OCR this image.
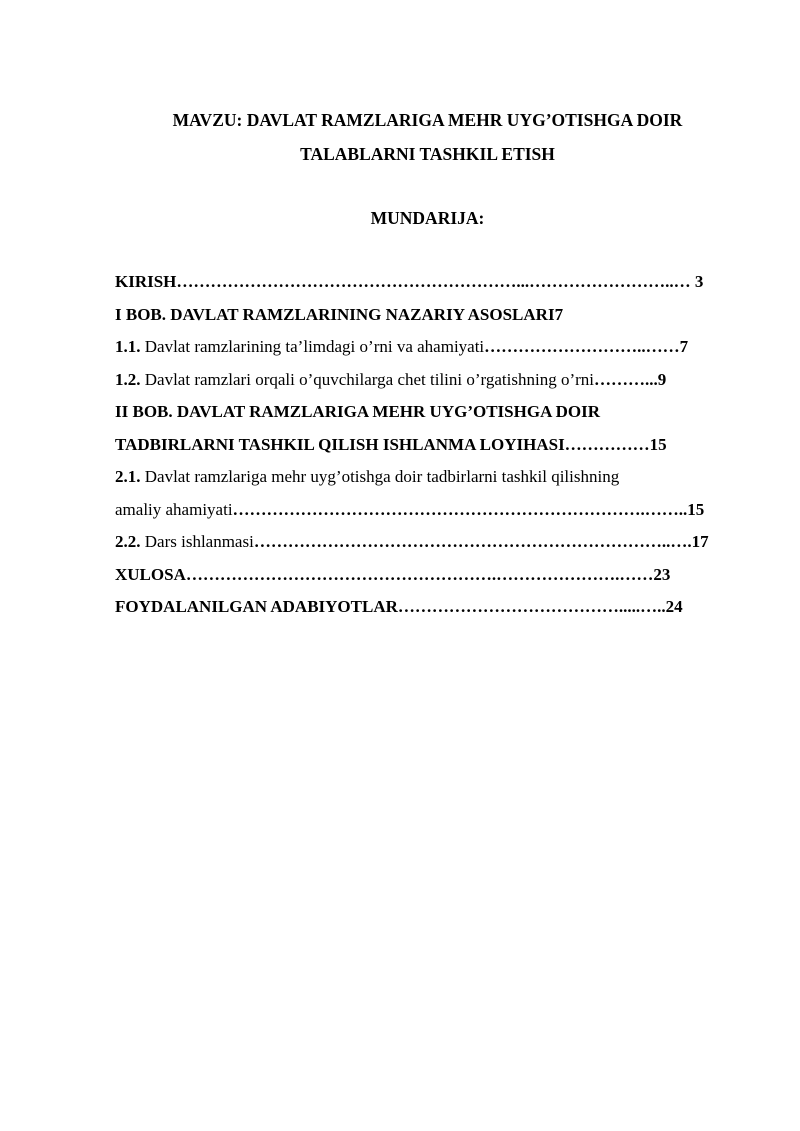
MAVZU: DAVLAT RAMZLARIGA MEHR UYG’OTISHGA DOIR

TALABLARNI TASHKIL ETISH

MUNDARIJA:

KIRISH……………………………………………………...……………………..… 3
I BOB. DAVLAT RAMZLARINING NAZARIY ASOSLARI7
1.1. Davlat ramzlarining ta’limdagi o’rni va ahamiyati………………………..……7
1.2. Davlat ramzlari orqali o’quvchilarga chet tilini o’rgatishning o’rni………...9
II BOB. DAVLAT RAMZLARIGA MEHR UYG’OTISHGA DOIR
TADBIRLARNI TASHKIL QILISH ISHLANMA LOYIHASI……………15
2.1. Davlat ramzlariga mehr uyg’otishga doir tadbirlarni tashkil qilishning
amaliy ahamiyati……………………………………………………………….……..15
2.2. Dars ishlanmasi………………………………………………………………..….17
XULOSA……………………………………………….………………….……23
FOYDALANILGAN ADABIYOTLAR………………………………….....…..24
